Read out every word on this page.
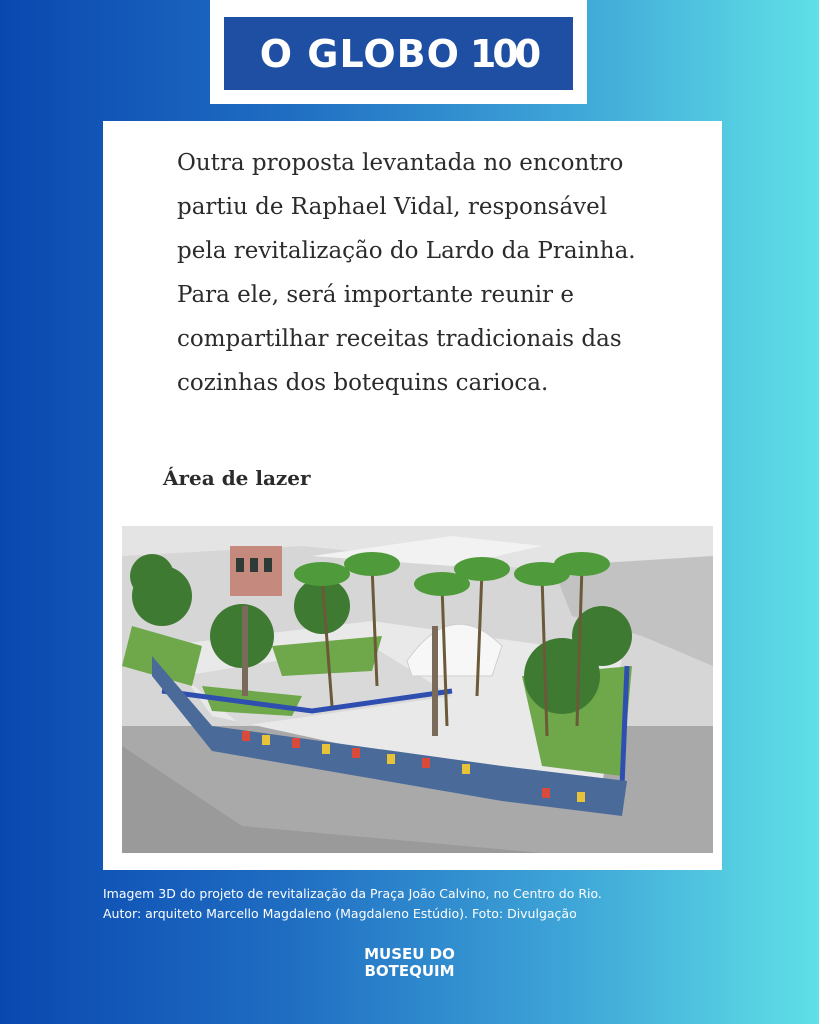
O GLOBO 100

Outra proposta levantada no encontro
partiu de Raphael Vidal, responsável
pela revitalização do Lardo da Prainha.
Para ele, será importante reunir e
compartilhar receitas tradicionais das
cozinhas dos botequins carioca.

Área de lazer
Imagem 3D do projeto de revitalização da Praça João Calvino, no Centro do Rio.
Autor: arquiteto Marcello Magdaleno (Magdaleno Estúdio). Foto: Divulgação
MUSEU DO
BOTEQUIM
